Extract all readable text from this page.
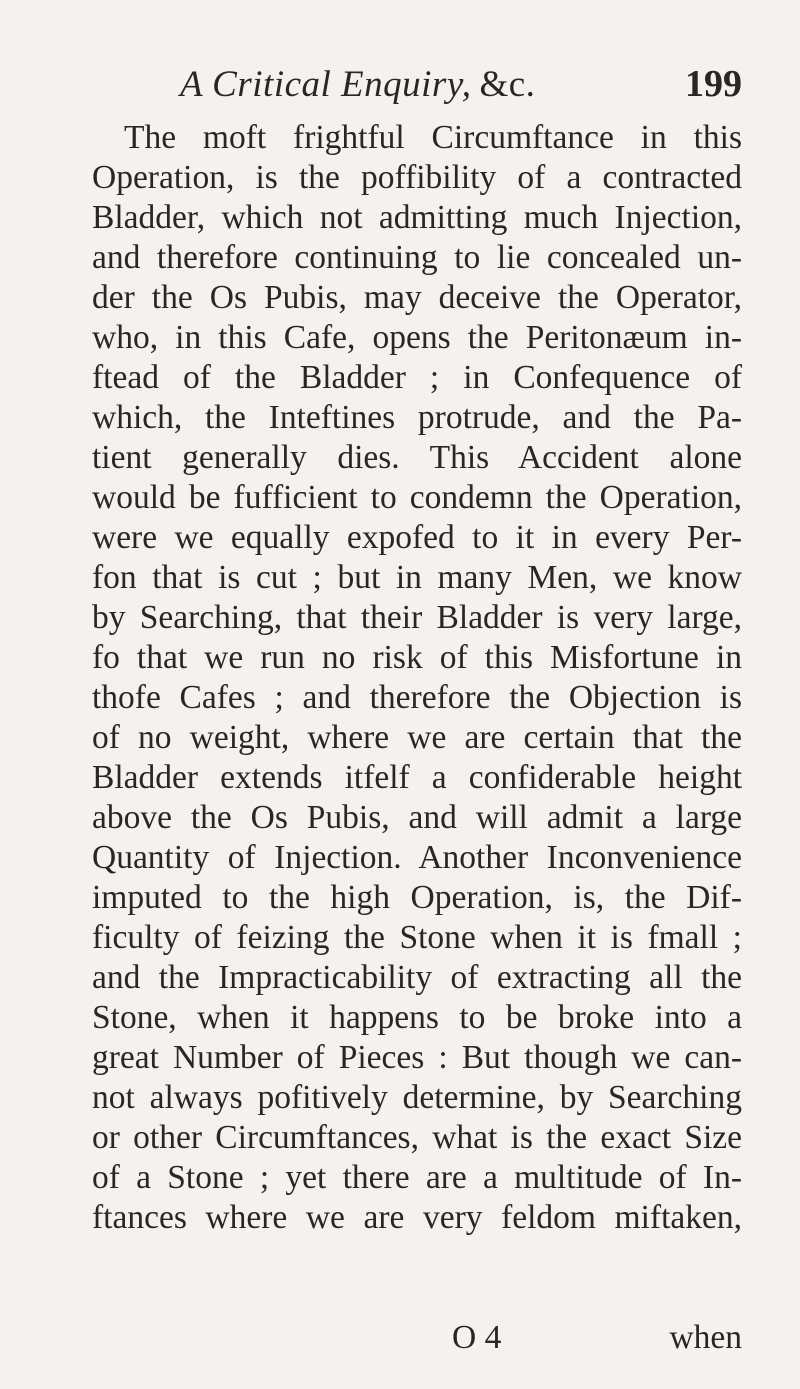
A Critical Enquiry, &c.	199
The moft frightful Circumftance in this
Operation, is the poffibility of a contracted
Bladder, which not admitting much Injection,
and therefore continuing to lie concealed un-
der the Os Pubis, may deceive the Operator,
who, in this Cafe, opens the Peritonæum in-
ftead of the Bladder ; in Confequence of
which, the Inteftines protrude, and the Pa-
tient generally dies. This Accident alone
would be fufficient to condemn the Operation,
were we equally expofed to it in every Per-
fon that is cut ; but in many Men, we know
by Searching, that their Bladder is very large,
fo that we run no risk of this Misfortune in
thofe Cafes ; and therefore the Objection is
of no weight, where we are certain that the
Bladder extends itfelf a confiderable height
above the Os Pubis, and will admit a large
Quantity of Injection. Another Inconvenience
imputed to the high Operation, is, the Dif-
ficulty of feizing the Stone when it is fmall ;
and the Impracticability of extracting all the
Stone, when it happens to be broke into a
great Number of Pieces : But though we can-
not always pofitively determine, by Searching
or other Circumftances, what is the exact Size
of a Stone ; yet there are a multitude of In-
ftances where we are very feldom miftaken,
O 4	when
